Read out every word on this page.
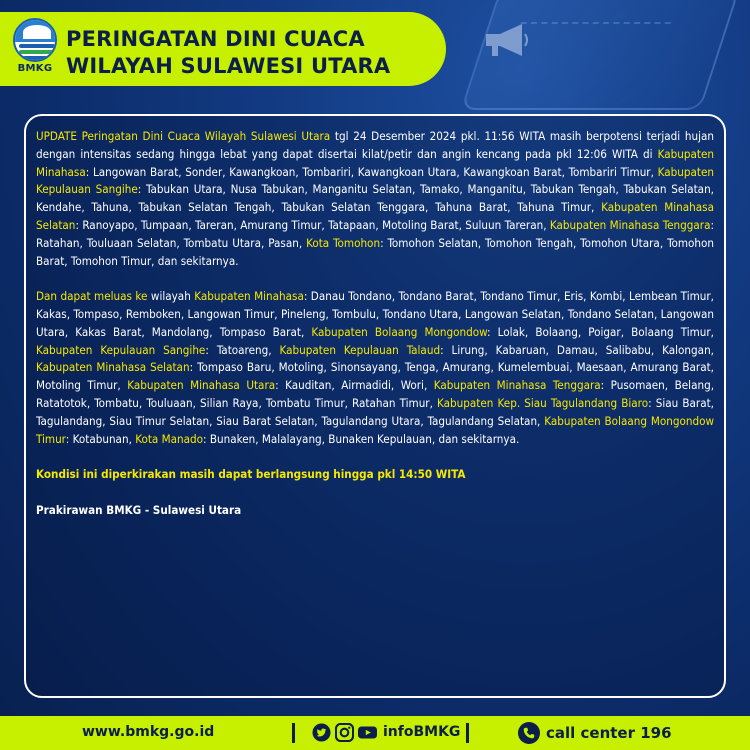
BMKG
PERINGATAN DINI CUACA
WILAYAH SULAWESI UTARA

UPDATE Peringatan Dini Cuaca Wilayah Sulawesi Utara tgl 24 Desember 2024 pkl. 11:56 WITA masih berpotensi terjadi hujan dengan intensitas sedang hingga lebat yang dapat disertai kilat/petir dan angin kencang pada pkl 12:06 WITA di Kabupaten Minahasa: Langowan Barat, Sonder, Kawangkoan, Tombariri, Kawangkoan Utara, Kawangkoan Barat, Tombariri Timur, Kabupaten Kepulauan Sangihe: Tabukan Utara, Nusa Tabukan, Manganitu Selatan, Tamako, Manganitu, Tabukan Tengah, Tabukan Selatan, Kendahe, Tahuna, Tabukan Selatan Tengah, Tabukan Selatan Tenggara, Tahuna Barat, Tahuna Timur, Kabupaten Minahasa Selatan: Ranoyapo, Tumpaan, Tareran, Amurang Timur, Tatapaan, Motoling Barat, Suluun Tareran, Kabupaten Minahasa Tenggara: Ratahan, Touluaan Selatan, Tombatu Utara, Pasan, Kota Tomohon: Tomohon Selatan, Tomohon Tengah, Tomohon Utara, Tomohon Barat, Tomohon Timur, dan sekitarnya.

Dan dapat meluas ke wilayah Kabupaten Minahasa: Danau Tondano, Tondano Barat, Tondano Timur, Eris, Kombi, Lembean Timur, Kakas, Tompaso, Remboken, Langowan Timur, Pineleng, Tombulu, Tondano Utara, Langowan Selatan, Tondano Selatan, Langowan Utara, Kakas Barat, Mandolang, Tompaso Barat, Kabupaten Bolaang Mongondow: Lolak, Bolaang, Poigar, Bolaang Timur, Kabupaten Kepulauan Sangihe: Tatoareng, Kabupaten Kepulauan Talaud: Lirung, Kabaruan, Damau, Salibabu, Kalongan, Kabupaten Minahasa Selatan: Tompaso Baru, Motoling, Sinonsayang, Tenga, Amurang, Kumelembuai, Maesaan, Amurang Barat, Motoling Timur, Kabupaten Minahasa Utara: Kauditan, Airmadidi, Wori, Kabupaten Minahasa Tenggara: Pusomaen, Belang, Ratatotok, Tombatu, Touluaan, Silian Raya, Tombatu Timur, Ratahan Timur, Kabupaten Kep. Siau Tagulandang Biaro: Siau Barat, Tagulandang, Siau Timur Selatan, Siau Barat Selatan, Tagulandang Utara, Tagulandang Selatan, Kabupaten Bolaang Mongondow Timur: Kotabunan, Kota Manado: Bunaken, Malalayang, Bunaken Kepulauan, dan sekitarnya.

Kondisi ini diperkirakan masih dapat berlangsung hingga pkl 14:50 WITA

Prakirawan BMKG - Sulawesi Utara

www.bmkg.go.id	infoBMKG	call center 196
